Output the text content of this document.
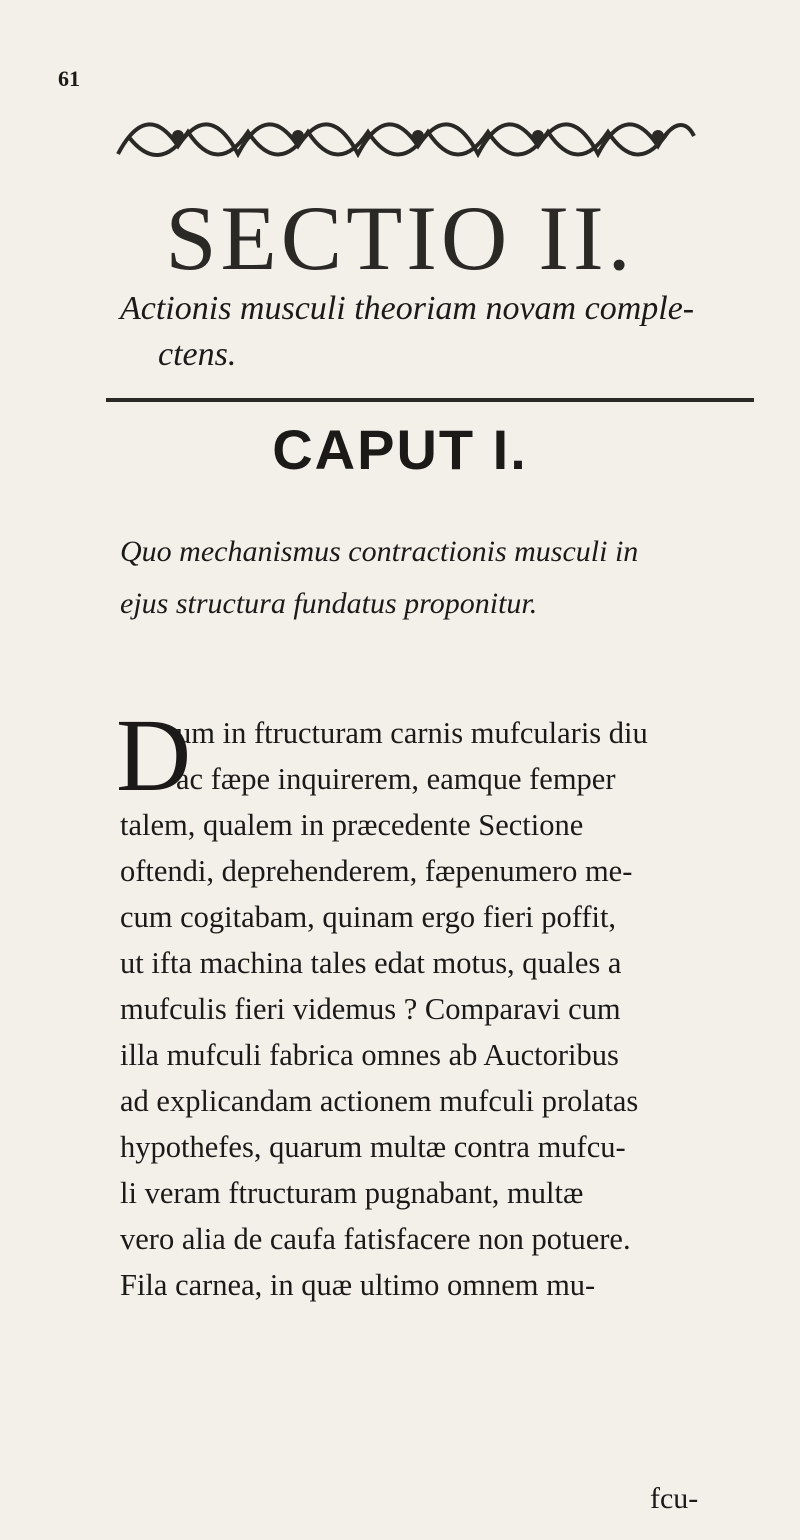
61
SECTIO II.
Actionis musculi theoriam novam comple-
ctens.
CAPUT I.
Quo mechanismus contractionis musculi in
ejus structura fundatus proponitur.
D
um in ftructuram carnis mufcularis diu
ac fæpe inquirerem, eamque femper
talem, qualem in præcedente Sectione
oftendi, deprehenderem, fæpenumero me-
cum cogitabam, quinam ergo fieri poffit,
ut ifta machina tales edat motus, quales a
mufculis fieri videmus ? Comparavi cum
illa mufculi fabrica omnes ab Auctoribus
ad explicandam actionem mufculi prolatas
hypothefes, quarum multæ contra mufcu-
li veram ftructuram pugnabant, multæ
vero alia de caufa fatisfacere non potuere.
Fila carnea, in quæ ultimo omnem mu-
fcu-
